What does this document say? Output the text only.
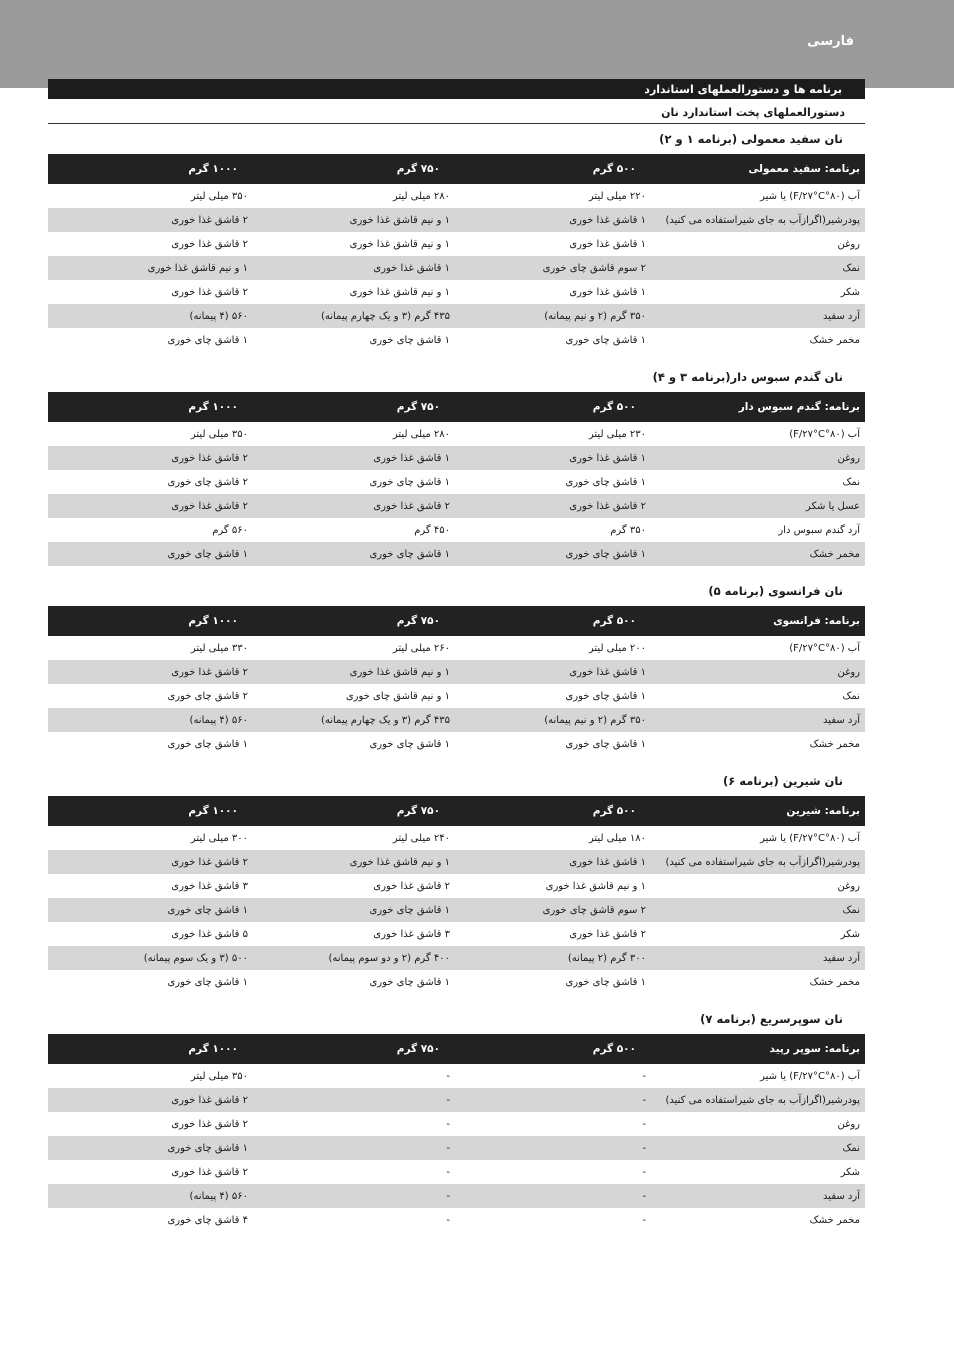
فارسی
برنامه ها و دستورالعملهای استاندارد
دستورالعملهای پخت استاندارد نان
نان سفید معمولی (برنامه ۱ و ۲)
برنامه: سفید معمولی	۵۰۰ گرم	۷۵۰ گرم	۱۰۰۰ گرم
آب (۸۰°F/۲۷°C) یا شیر	۲۲۰ میلی لیتر	۲۸۰ میلی لیتر	۳۵۰ میلی لیتر
پودرشیر(اگرازآب به جای شیراستفاده می کنید)	۱ قاشق غذا خوری	۱ و نیم قاشق غذا خوری	۲ قاشق غذا خوری
روغن	۱ قاشق غذا خوری	۱ و نیم قاشق غذا خوری	۲ قاشق غذا خوری
نمک	۲ سوم قاشق چای خوری	۱ قاشق غذا خوری	۱ و نیم قاشق غذا خوری
شکر	۱ قاشق غذا خوری	۱ و نیم قاشق غذا خوری	۲ قاشق غذا خوری
آرد سفید	۳۵۰ گرم (۲ و نیم پیمانه)	۴۳۵ گرم (۳ و یک چهارم پیمانه)	۵۶۰ (۴ پیمانه)
مخمر خشک	۱ قاشق چای خوری	۱ قاشق چای خوری	۱ قاشق چای خوری
نان گندم سبوس دار(برنامه ۳ و ۴)
برنامه: گندم سبوس دار	۵۰۰ گرم	۷۵۰ گرم	۱۰۰۰ گرم
آب (۸۰°F/۲۷°C)	۲۳۰ میلی لیتر	۲۸۰ میلی لیتر	۳۵۰ میلی لیتر
روغن	۱ قاشق غذا خوری	۱ قاشق غذا خوری	۲ قاشق غذا خوری
نمک	۱ قاشق چای خوری	۱ قاشق چای خوری	۲ قاشق چای خوری
عسل یا شکر	۲ قاشق غذا خوری	۲ قاشق غذا خوری	۲ قاشق غذا خوری
آرد گندم سبوس دار	۳۵۰ گرم	۴۵۰ گرم	۵۶۰ گرم
مخمر خشک	۱ قاشق چای خوری	۱ قاشق چای خوری	۱ قاشق چای خوری
نان فرانسوی (برنامه ۵)
برنامه: فرانسوی	۵۰۰ گرم	۷۵۰ گرم	۱۰۰۰ گرم
آب (۸۰°F/۲۷°C)	۲۰۰ میلی لیتر	۲۶۰ میلی لیتر	۳۳۰ میلی لیتر
روغن	۱ قاشق غذا خوری	۱ و نیم قاشق غذا خوری	۲ قاشق غذا خوری
نمک	۱ قاشق چای خوری	۱ و نیم قاشق چای خوری	۲ قاشق چای خوری
آرد سفید	۳۵۰ گرم (۲ و نیم پیمانه)	۴۳۵ گرم (۳ و یک چهارم پیمانه)	۵۶۰ (۴ پیمانه)
مخمر خشک	۱ قاشق چای خوری	۱ قاشق چای خوری	۱ قاشق چای خوری
نان شیرین (برنامه ۶)
برنامه: شیرین	۵۰۰ گرم	۷۵۰ گرم	۱۰۰۰ گرم
آب (۸۰°F/۲۷°C) یا شیر	۱۸۰ میلی لیتر	۲۴۰ میلی لیتر	۳۰۰ میلی لیتر
پودرشیر(اگرازآب به جای شیراستفاده می کنید)	۱ قاشق غذا خوری	۱ و نیم قاشق غذا خوری	۲ قاشق غذا خوری
روغن	۱ و نیم قاشق غذا خوری	۲ قاشق غذا خوری	۳ قاشق غذا خوری
نمک	۲ سوم قاشق چای خوری	۱ قاشق چای خوری	۱ قاشق چای خوری
شکر	۲ قاشق غذا خوری	۳ قاشق غذا خوری	۵ قاشق غذا خوری
آرد سفید	۳۰۰ گرم (۲ پیمانه)	۴۰۰ گرم (۲ و دو سوم پیمانه)	۵۰۰ (۳ و یک سوم پیمانه)
مخمر خشک	۱ قاشق چای خوری	۱ قاشق چای خوری	۱ قاشق چای خوری
نان سوپرسریع (برنامه ۷)
برنامه: سوپر رپید	۵۰۰ گرم	۷۵۰ گرم	۱۰۰۰ گرم
آب (۸۰°F/۲۷°C) یا شیر	-	-	۳۵۰ میلی لیتر
پودرشیر(اگرازآب به جای شیراستفاده می کنید)	-	-	۲ قاشق غذا خوری
روغن	-	-	۲ قاشق غذا خوری
نمک	-	-	۱ قاشق چای خوری
شکر	-	-	۲ قاشق غذا خوری
آرد سفید	-	-	۵۶۰ (۴ پیمانه)
مخمر خشک	-	-	۴ قاشق چای خوری
